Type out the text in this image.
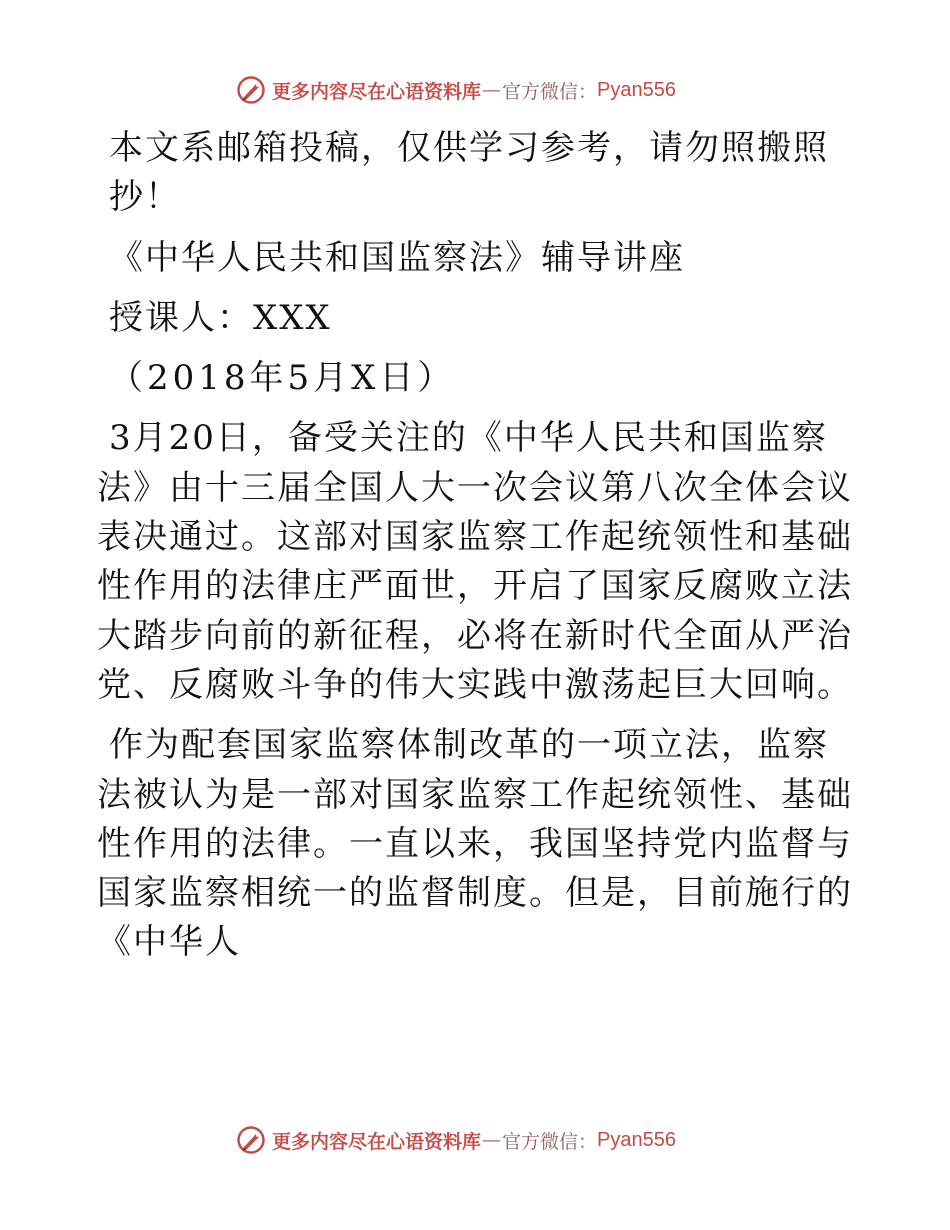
更多内容尽在心语资料库 — 官方微信： Pyan556

本文系邮箱投稿，仅供学习参考，请勿照搬照抄！

《中华人民共和国监察法》辅导讲座

授课人：XXX

（2018年5月X日）

3月20日，备受关注的《中华人民共和国监察法》由十三届全国人大一次会议第八次全体会议表决通过。这部对国家监察工作起统领性和基础性作用的法律庄严面世，开启了国家反腐败立法大踏步向前的新征程，必将在新时代全面从严治党、反腐败斗争的伟大实践中激荡起巨大回响。

作为配套国家监察体制改革的一项立法，监察法被认为是一部对国家监察工作起统领性、基础性作用的法律。一直以来，我国坚持党内监督与国家监察相统一的监督制度。但是，目前施行的《中华人

更多内容尽在心语资料库 — 官方微信： Pyan556
